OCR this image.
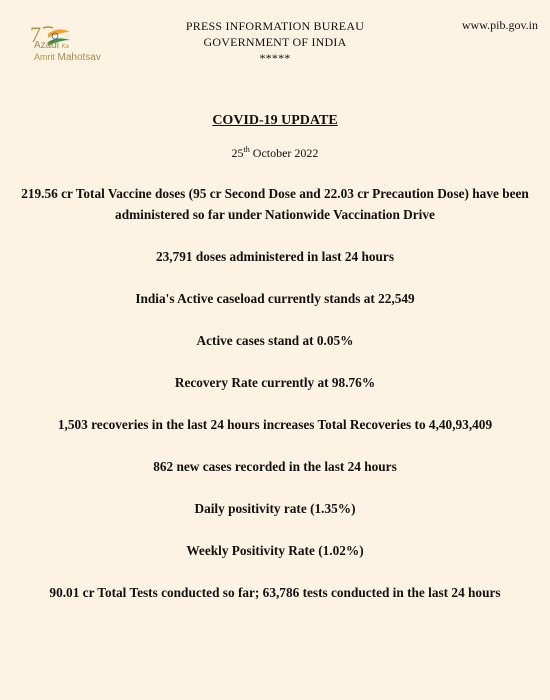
7
Azadi Ka
Amrit Mahotsav
PRESS INFORMATION BUREAU
GOVERNMENT OF INDIA
*****
www.pib.gov.in
COVID-19 UPDATE
25th October 2022
219.56 cr Total Vaccine doses (95 cr Second Dose and 22.03 cr Precaution Dose) have been administered so far under Nationwide Vaccination Drive
23,791 doses administered in last 24 hours
India's Active caseload currently stands at 22,549
Active cases stand at 0.05%
Recovery Rate currently at 98.76%
1,503 recoveries in the last 24 hours increases Total Recoveries to 4,40,93,409
862 new cases recorded in the last 24 hours
Daily positivity rate (1.35%)
Weekly Positivity Rate (1.02%)
90.01 cr Total Tests conducted so far; 63,786 tests conducted in the last 24 hours
